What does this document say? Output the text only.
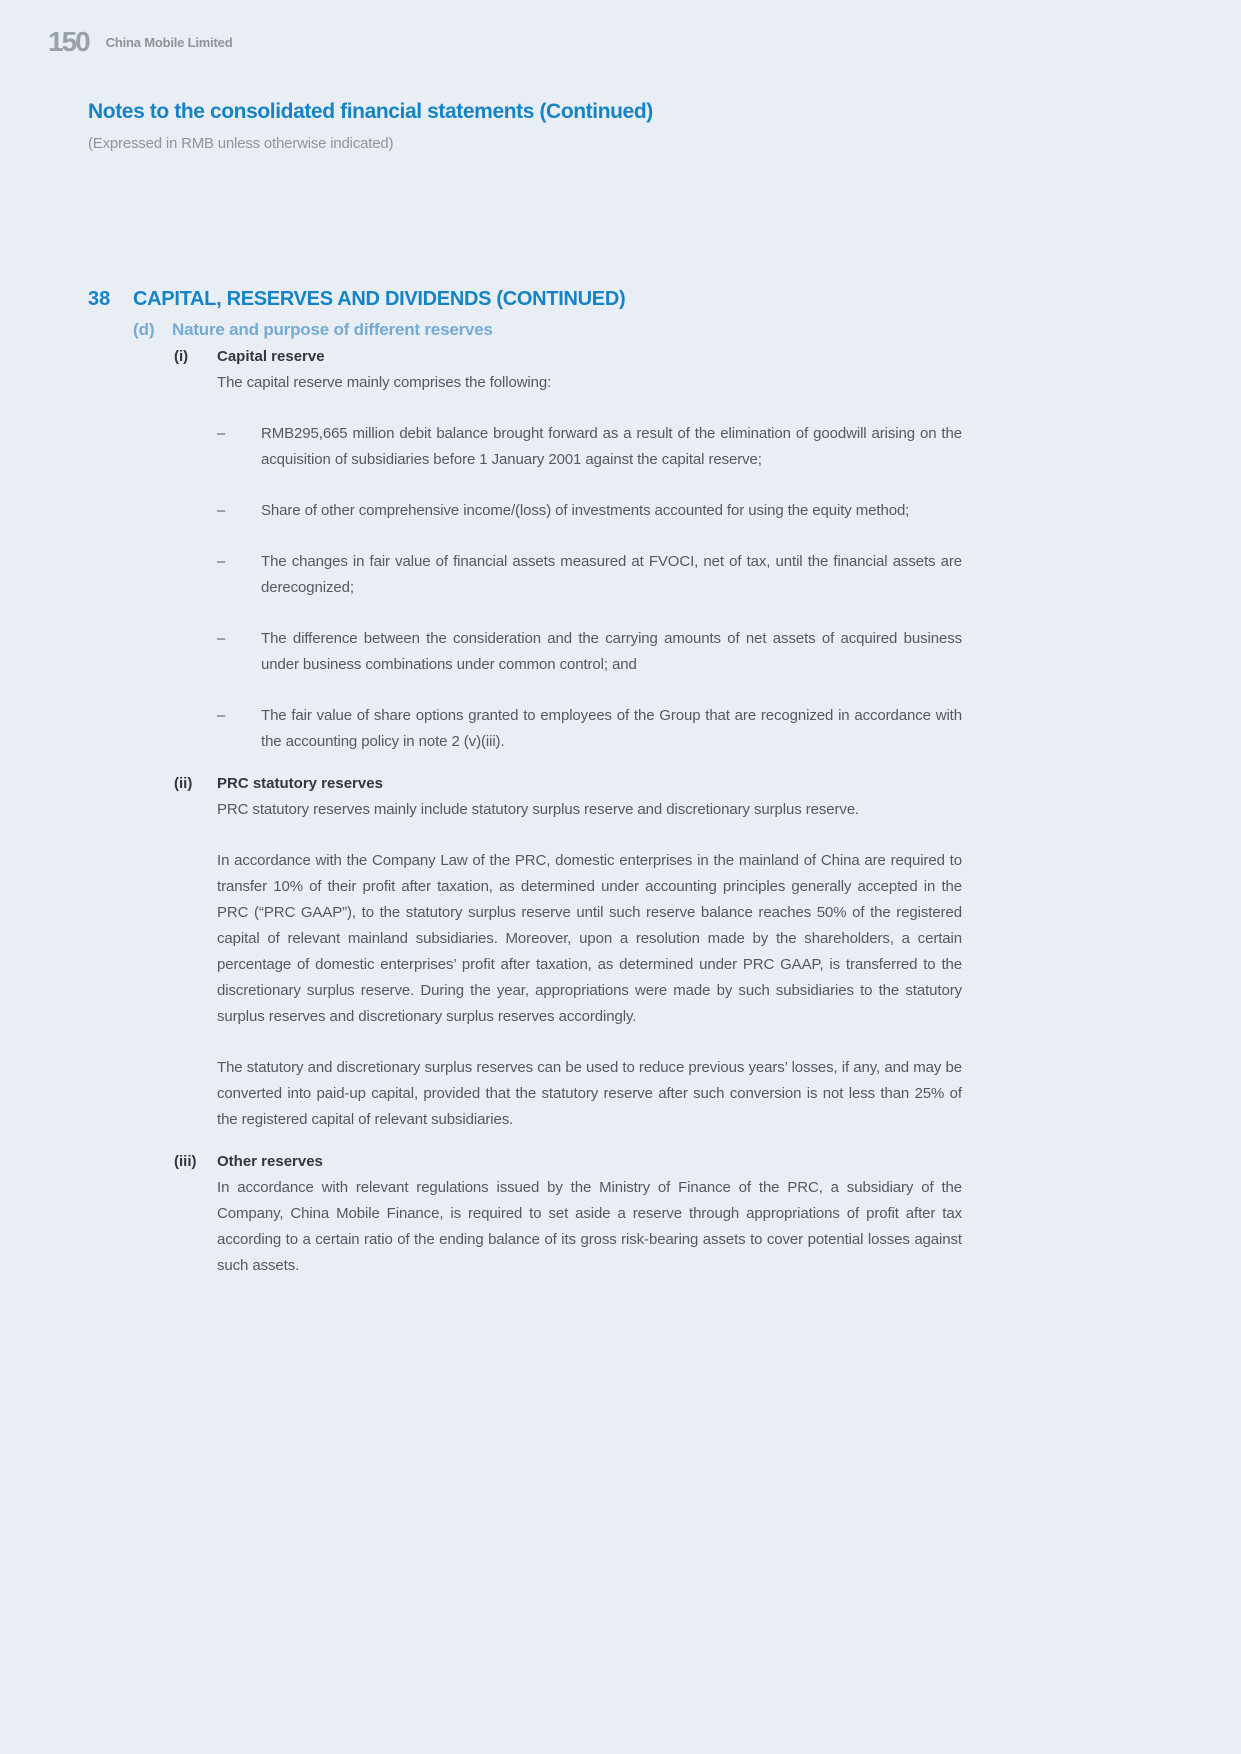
150 China Mobile Limited
Notes to the consolidated financial statements (Continued)

(Expressed in RMB unless otherwise indicated)

38	CAPITAL, RESERVES AND DIVIDENDS (CONTINUED)
(d)	Nature and purpose of different reserves
(i)	Capital reserve

The capital reserve mainly comprises the following:

–	RMB295,665 million debit balance brought forward as a result of the elimination of goodwill arising on the acquisition of subsidiaries before 1 January 2001 against the capital reserve;

–	Share of other comprehensive income/(loss) of investments accounted for using the equity method;

–	The changes in fair value of financial assets measured at FVOCI, net of tax, until the financial assets are derecognized;

–	The difference between the consideration and the carrying amounts of net assets of acquired business under business combinations under common control; and

–	The fair value of share options granted to employees of the Group that are recognized in accordance with the accounting policy in note 2 (v)(iii).

(ii)	PRC statutory reserves

PRC statutory reserves mainly include statutory surplus reserve and discretionary surplus reserve.

In accordance with the Company Law of the PRC, domestic enterprises in the mainland of China are required to transfer 10% of their profit after taxation, as determined under accounting principles generally accepted in the PRC (“PRC GAAP”), to the statutory surplus reserve until such reserve balance reaches 50% of the registered capital of relevant mainland subsidiaries. Moreover, upon a resolution made by the shareholders, a certain percentage of domestic enterprises’ profit after taxation, as determined under PRC GAAP, is transferred to the discretionary surplus reserve. During the year, appropriations were made by such subsidiaries to the statutory surplus reserves and discretionary surplus reserves accordingly.

The statutory and discretionary surplus reserves can be used to reduce previous years’ losses, if any, and may be converted into paid-up capital, provided that the statutory reserve after such conversion is not less than 25% of the registered capital of relevant subsidiaries.

(iii)	Other reserves

In accordance with relevant regulations issued by the Ministry of Finance of the PRC, a subsidiary of the Company, China Mobile Finance, is required to set aside a reserve through appropriations of profit after tax according to a certain ratio of the ending balance of its gross risk-bearing assets to cover potential losses against such assets.
